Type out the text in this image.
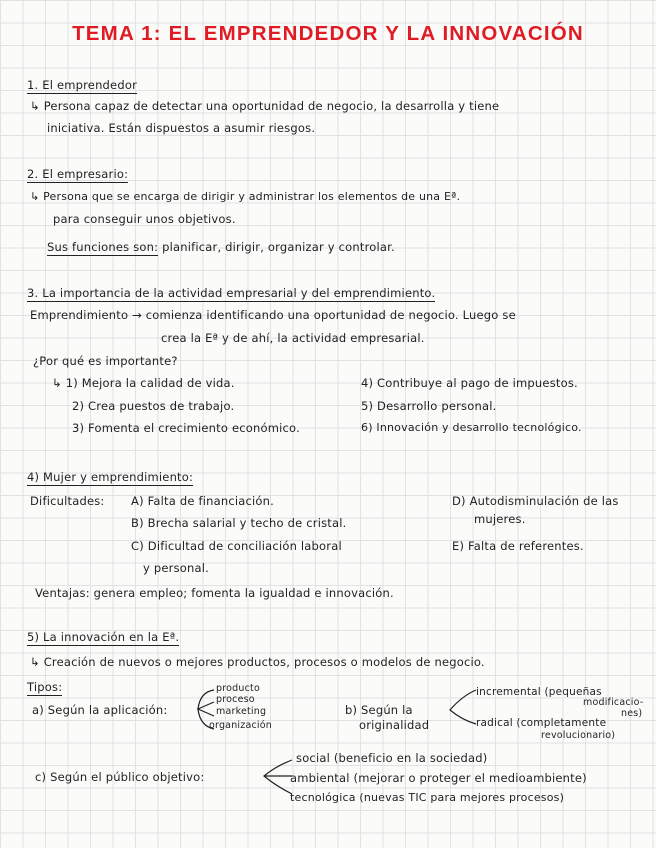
TEMA 1: EL EMPRENDEDOR Y LA INNOVACIÓN
1. El emprendedor
↳ Persona capaz de detectar una oportunidad de negocio, la desarrolla y tiene
iniciativa. Están dispuestos a asumir riesgos.
2. El empresario:
↳ Persona que se encarga de dirigir y administrar los elementos de una Eª.
para conseguir unos objetivos.
Sus funciones son: planificar, dirigir, organizar y controlar.
3. La importancia de la actividad empresarial y del emprendimiento.
Emprendimiento → comienza identificando una oportunidad de negocio. Luego se
crea la Eª y de ahí, la actividad empresarial.
¿Por qué es importante?
↳ 1) Mejora la calidad de vida.
2) Crea puestos de trabajo.
3) Fomenta el crecimiento económico.
4) Contribuye al pago de impuestos.
5) Desarrollo personal.
6) Innovación y desarrollo tecnológico.
4) Mujer y emprendimiento:
Dificultades: A) Falta de financiación.
B) Brecha salarial y techo de cristal.
C) Dificultad de conciliación laboral
y personal.
D) Autodisminulación de las
mujeres.
E) Falta de referentes.
Ventajas: genera empleo; fomenta la igualdad e innovación.
5) La innovación en la Eª.
↳ Creación de nuevos o mejores productos, procesos o modelos de negocio.
Tipos:
a) Según la aplicación:
producto
proceso
marketing
organización
b) Según la
originalidad
incremental (pequeñas
modificacio-
nes)
radical (completamente
revolucionario)
c) Según el público objetivo:
social (beneficio en la sociedad)
ambiental (mejorar o proteger el medioambiente)
tecnológica (nuevas TIC para mejores procesos)
